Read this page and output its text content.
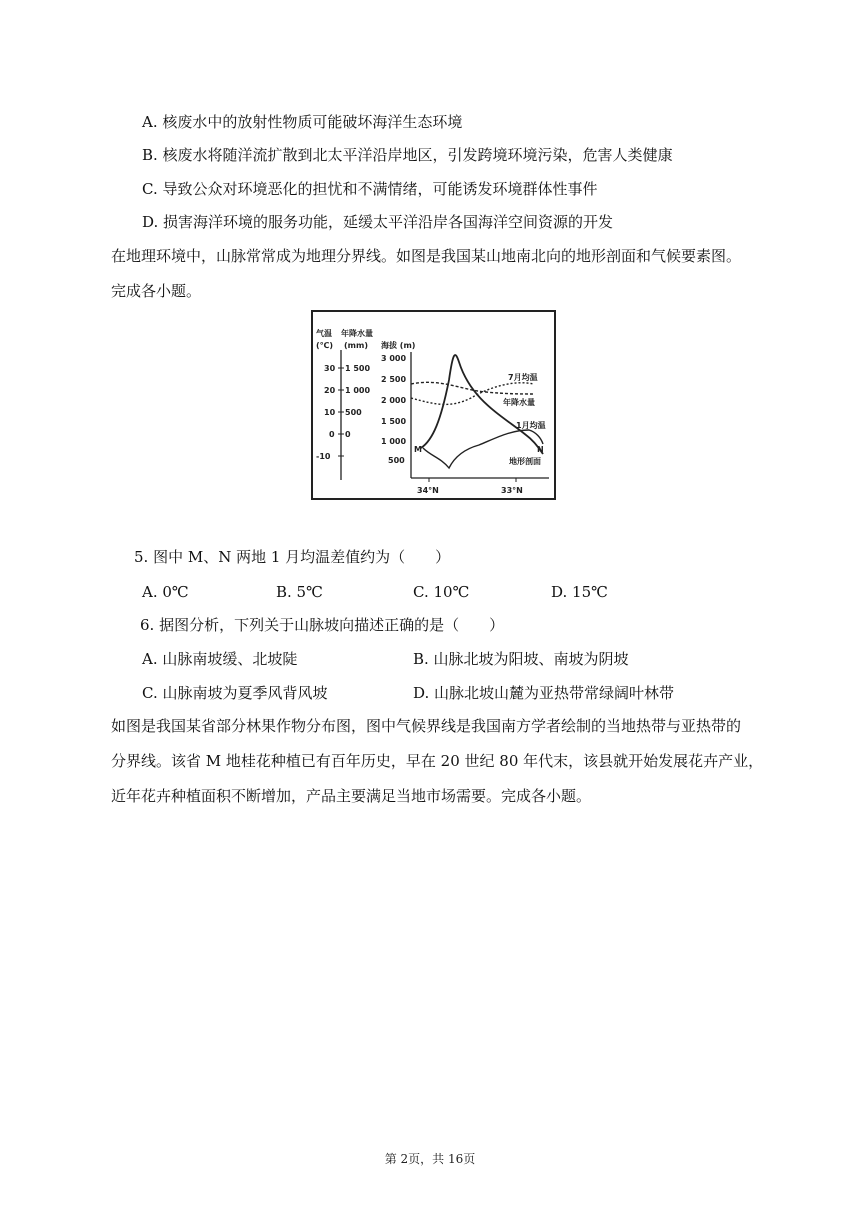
A. 核废水中的放射性物质可能破坏海洋生态环境
B. 核废水将随洋流扩散到北太平洋沿岸地区，引发跨境环境污染，危害人类健康
C. 导致公众对环境恶化的担忧和不满情绪，可能诱发环境群体性事件
D. 损害海洋环境的服务功能，延缓太平洋沿岸各国海洋空间资源的开发
在地理环境中，山脉常常成为地理分界线。如图是我国某山地南北向的地形剖面和气候要素图。
完成各小题。
气温 年降水量
(℃) (mm)
30
20
10
0
-10
1 500
1 000
500
0
海拔 (m)
3 000
2 500
2 000
1 500
1 000
500
34°N	33°N
7月均温
年降水量
1月均温
地形剖面
M	N
5. 图中 M、N 两地 1 月均温差值约为（　　）
A. 0℃	B. 5℃	C. 10℃	D. 15℃
6. 据图分析，下列关于山脉坡向描述正确的是（　　）
A. 山脉南坡缓、北坡陡	B. 山脉北坡为阳坡、南坡为阴坡
C. 山脉南坡为夏季风背风坡	D. 山脉北坡山麓为亚热带常绿阔叶林带
如图是我国某省部分林果作物分布图，图中气候界线是我国南方学者绘制的当地热带与亚热带的
分界线。该省 M 地桂花种植已有百年历史，早在 20 世纪 80 年代末，该县就开始发展花卉产业，
近年花卉种植面积不断增加，产品主要满足当地市场需要。完成各小题。
第 2页，共 16页
